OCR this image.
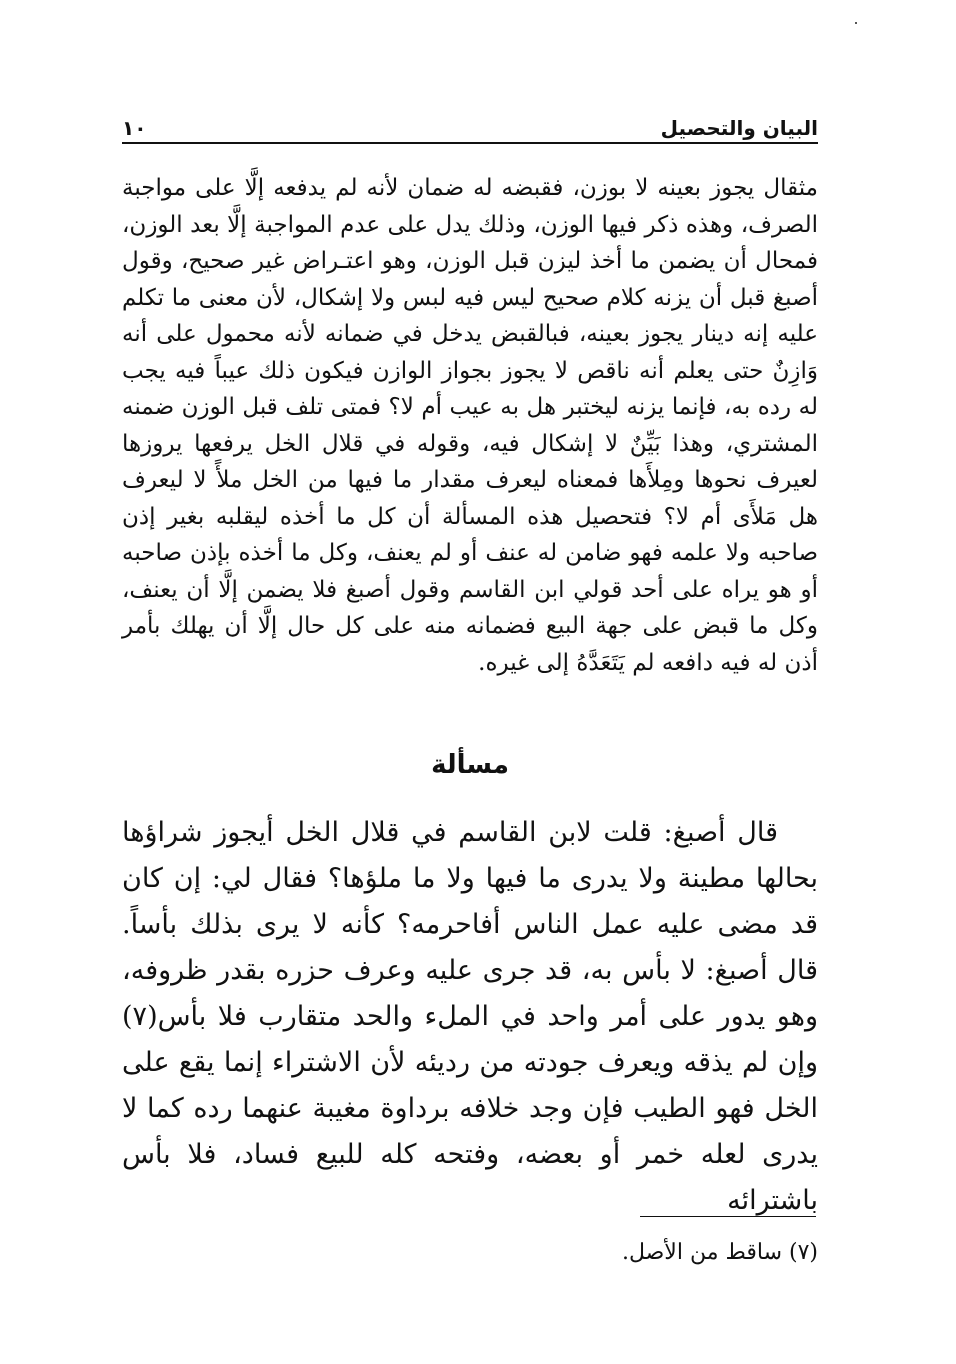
البيان والتحصيل
١٠

مثقال يجوز بعينه لا بوزن، فقبضه له ضمان لأنه لم يدفعه إلَّا على مواجبة الصرف، وهذه ذكر فيها الوزن، وذلك يدل على عدم المواجبة إلَّا بعد الوزن، فمحال أن يضمن ما أخذ ليزن قبل الوزن، وهو اعتـراض غير صحيح، وقول أصبغ قبل أن يزنه كلام صحيح ليس فيه لبس ولا إشكال، لأن معنى ما تكلم عليه إنه دينار يجوز بعينه، فبالقبض يدخل في ضمانه لأنه محمول على أنه وَازِنٌ حتى يعلم أنه ناقص لا يجوز بجواز الوازن فيكون ذلك عيباً فيه يجب له رده به، فإنما يزنه ليختبر هل به عيب أم لا؟ فمتى تلف قبل الوزن ضمنه المشتري، وهذا بَيِّنٌ لا إشكال فيه، وقوله في قلال الخل يرفعها يروزها لعيرف نحوها ومِلأَها فمعناه ليعرف مقدار ما فيها من الخل ملأً لا ليعرف هل مَلأَى أم لا؟ فتحصيل هذه المسألة أن كل ما أخذه ليقلبه بغير إذن صاحبه ولا علمه فهو ضامن له عنف أو لم يعنف، وكل ما أخذه بإذن صاحبه أو هو يراه على أحد قولي ابن القاسم وقول أصبغ فلا يضمن إلَّا أن يعنف، وكل ما قبض على جهة البيع فضمانه منه على كل حال إلَّا أن يهلك بأمر أذن له فيه دافعه لم يَتَعَدَّهُ إلى غيره.

مسألة

قال أصبغ: قلت لابن القاسم في قلال الخل أيجوز شراؤها بحالها مطينة ولا يدرى ما فيها ولا ما ملؤها؟ فقال لي: إن كان قد مضى عليه عمل الناس أفاحرمه؟ كأنه لا يرى بذلك بأساً. قال أصبغ: لا بأس به، قد جرى عليه وعرف حزره بقدر ظروفه، وهو يدور على أمر واحد في الملء والحد متقارب فلا بأس(٧) وإن لم يذقه ويعرف جودته من رديئه لأن الاشتراء إنما يقع على الخل فهو الطيب فإن وجد خلافه برداوة مغيبة عنهما رده كما لا يدرى لعله خمر أو بعضه، وفتحه كله للبيع فساد، فلا بأس باشترائه

(٧) ساقط من الأصل.
